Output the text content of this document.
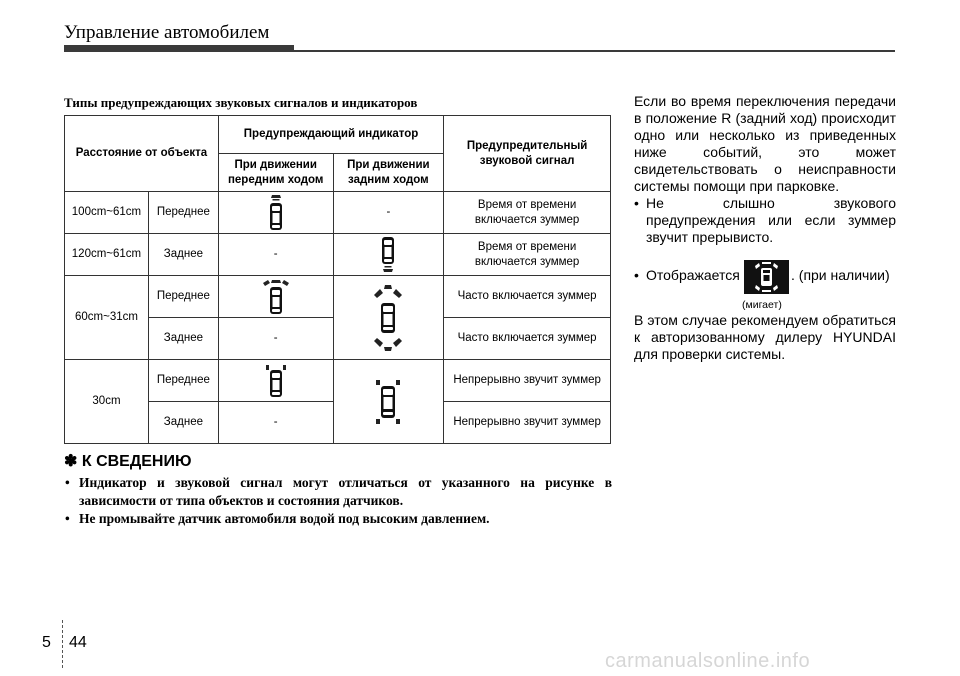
Управление автомобилем
Типы предупреждающих звуковых сигналов и индикаторов
Расстояние от объекта		Предупреждающий индикатор		Предупредительный звуковой сигнал
		При движении передним ходом	При движении задним ходом	
100cm~61cm	Переднее		-	Время от времени включается зуммер
120cm~61cm	Заднее	-		Время от времени включается зуммер
60cm~31cm	Переднее			Часто включается зуммер
	Заднее	-		Часто включается зуммер
30cm	Переднее			Непрерывно звучит зуммер
	Заднее	-		Непрерывно звучит зуммер
✽ К СВЕДЕНИЮ
• Индикатор и звуковой сигнал могут отличаться от указанного на рисунке в зависимости от типа объектов и состояния датчиков.
• Не промывайте датчик автомобиля водой под высоким давлением.

Если во время переключения передачи в положение R (задний ход) происходит одно или несколько из приведенных ниже событий, это может свидетельствовать о неисправности системы помощи при парковке.

• Не слышно звукового предупреждения или если зуммер звучит прерывисто.

• Отображается	. (при наличии)
(мигает)

В этом случае рекомендуем обратиться к авторизованному дилеру HYUNDAI для проверки системы.

5 44
carmanualsonline.info
